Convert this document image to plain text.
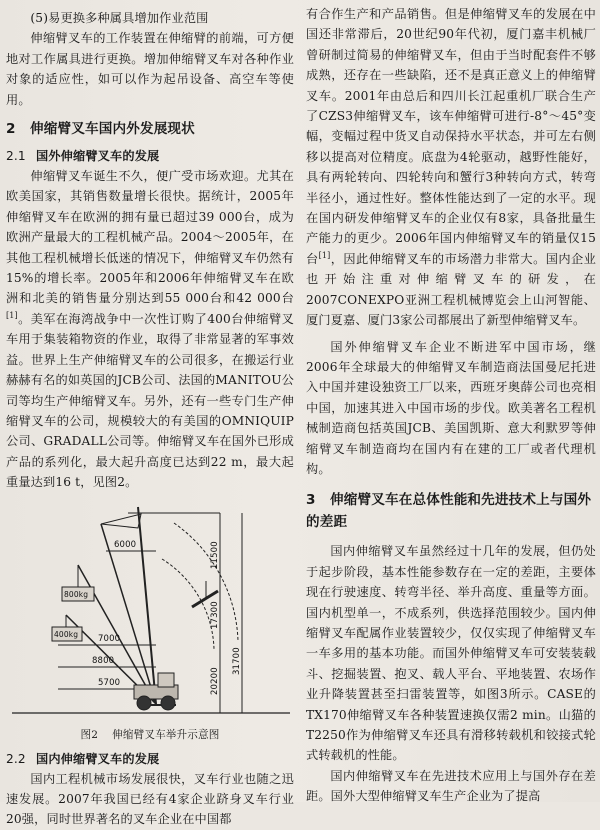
(5)易更换多种属具增加作业范围

伸缩臂叉车的工作装置在伸缩臂的前端，可方便地对工作属具进行更换。增加伸缩臂叉车对各种作业对象的适应性，如可以作为起吊设备、高空车等使用。

2 伸缩臂叉车国内外发展现状
2.1 国外伸缩臂叉车的发展

伸缩臂叉车诞生不久，便广受市场欢迎。尤其在欧美国家，其销售数量增长很快。据统计，2005年伸缩臂叉车在欧洲的拥有量已超过39 000台，成为欧洲产量最大的工程机械产品。2004～2005年，在其他工程机械增长低迷的情况下，伸缩臂叉车仍然有15%的增长率。2005年和2006年伸缩臂叉车在欧洲和北美的销售量分别达到55 000台和42 000台[1]。美军在海湾战争中一次性订购了400台伸缩臂叉车用于集装箱物资的作业，取得了非常显著的军事效益。世界上生产伸缩臂叉车的公司很多，在搬运行业赫赫有名的如英国的JCB公司、法国的MANITOU公司等均生产伸缩臂叉车。另外，还有一些专门生产伸缩臂叉车的公司，规模较大的有美国的OMNIQUIP公司、GRADALL公司等。伸缩臂叉车在国外已形成产品的系列化，最大起升高度已达到22 m，最大起重量达到16 t，见图2。

6000
7000
8800
5700
800kg
400kg
11500
17300
20200
31700
图2 伸缩臂叉车举升示意图
2.2 国内伸缩臂叉车的发展

国内工程机械市场发展很快，叉车行业也随之迅速发展。2007年我国已经有4家企业跻身叉车行业20强，同时世界著名的叉车企业在中国都

有合作生产和产品销售。但是伸缩臂叉车的发展在中国还非常滞后，20世纪90年代初，厦门嘉丰机械厂曾研制过简易的伸缩臂叉车，但由于当时配套件不够成熟，还存在一些缺陷，还不是真正意义上的伸缩臂叉车。2001年由总后和四川长江起重机厂联合生产了CZS3伸缩臂叉车，该车伸缩臂可进行-8°～45°变幅，变幅过程中货叉自动保持水平状态，并可左右侧移以提高对位精度。底盘为4轮驱动，越野性能好，具有两轮转向、四轮转向和蟹行3种转向方式，转弯半径小，通过性好。整体性能达到了一定的水平。现在国内研发伸缩臂叉车的企业仅有8家，具备批量生产能力的更少。2006年国内伸缩臂叉车的销量仅15台[1]，因此伸缩臂叉车的市场潜力非常大。国内企业也开始注重对伸缩臂叉车的研发，在2007CONEXPO亚洲工程机械博览会上山河智能、厦门夏嘉、厦门3家公司都展出了新型伸缩臂叉车。

国外伸缩臂叉车企业不断进军中国市场，继2006年全球最大的伸缩臂叉车制造商法国曼尼托进入中国并建设独资工厂以来，西班牙奥薛公司也亮相中国，加速其进入中国市场的步伐。欧美著名工程机械制造商包括英国JCB、美国凯斯、意大利默罗等伸缩臂叉车制造商均在国内有在建的工厂或者代理机构。

3 伸缩臂叉车在总体性能和先进技术上与国外的差距

国内伸缩臂叉车虽然经过十几年的发展，但仍处于起步阶段，基本性能参数存在一定的差距，主要体现在行驶速度、转弯半径、举升高度、重量等方面。国内机型单一，不成系列，供选择范围较少。国内伸缩臂叉车配属作业装置较少，仅仅实现了伸缩臂叉车一车多用的基本功能。而国外伸缩臂叉车可安装装载斗、挖掘装置、抱叉、载人平台、平地装置、农场作业升降装置甚至扫雷装置等，如图3所示。CASE的TX170伸缩臂叉车各种装置速换仅需2 min。山猫的T2250作为伸缩臂叉车还具有滑移转载机和铰接式轮式转载机的性能。

国内伸缩臂叉车在先进技术应用上与国外存在差距。国外大型伸缩臂叉车生产企业为了提高
